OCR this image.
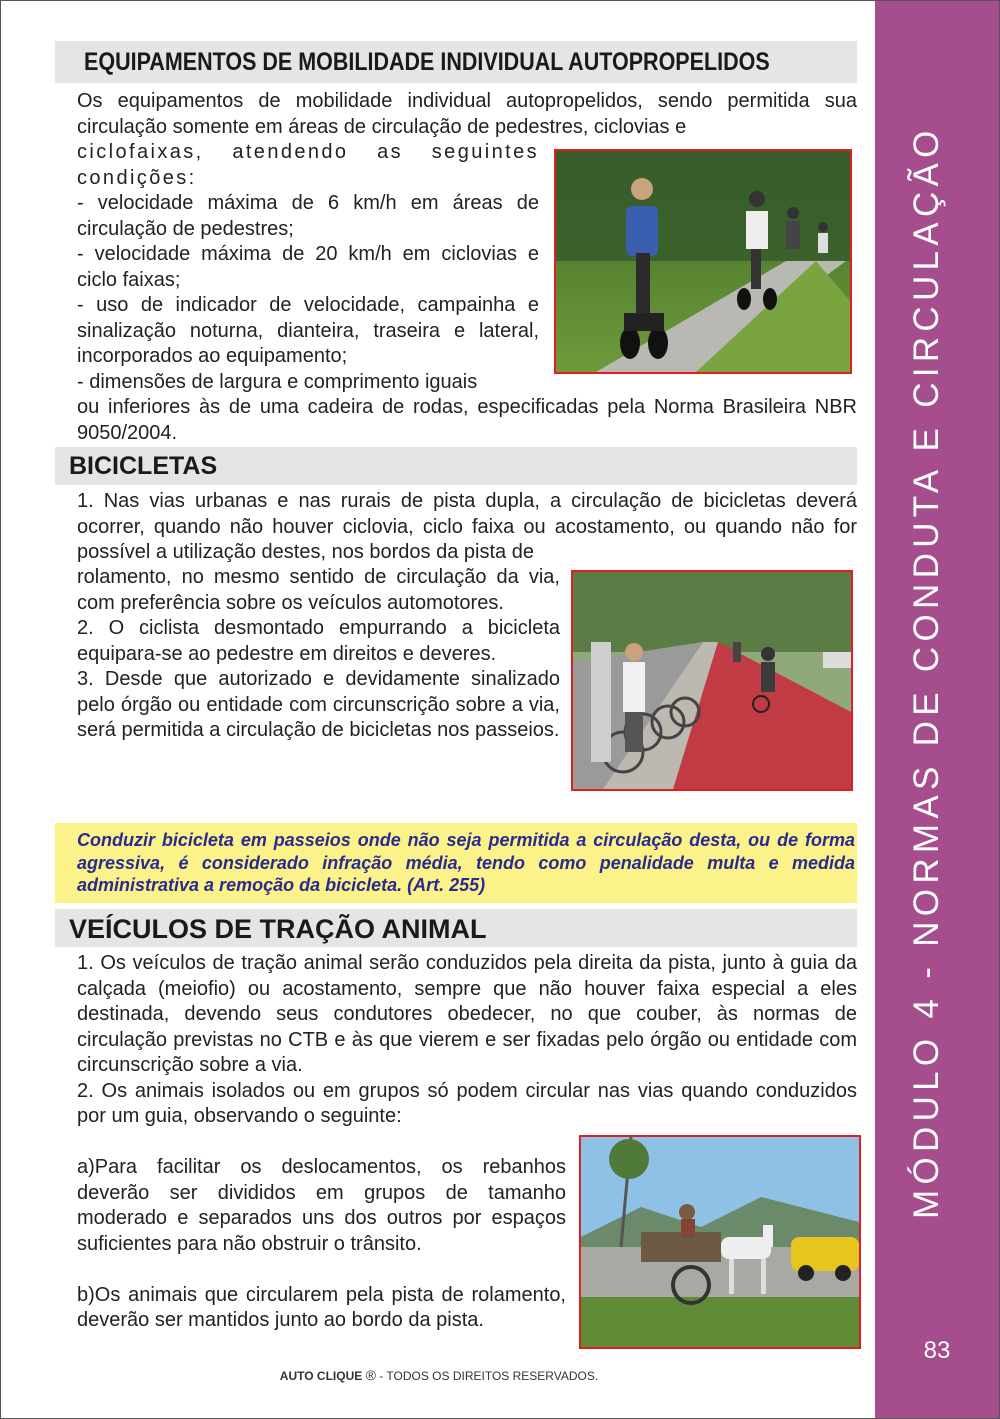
MÓDULO 4 - NORMAS DE CONDUTA E CIRCULAÇÃO
83
EQUIPAMENTOS DE MOBILIDADE INDIVIDUAL AUTOPROPELIDOS
Os equipamentos de mobilidade individual autopropelidos, sendo permitida sua circulação somente em áreas de circulação de pedestres, ciclovias e

ciclofaixas, atendendo as seguintes condições:

- velocidade máxima de 6 km/h em áreas de circulação de pedestres;

- velocidade máxima de 20 km/h em ciclovias e ciclo faixas;

- uso de indicador de velocidade, campainha e sinalização noturna, dianteira, traseira e lateral, incorporados ao equipamento;

- dimensões de largura e comprimento iguais

ou inferiores às de uma cadeira de rodas, especificadas pela Norma Brasileira NBR 9050/2004.
BICICLETAS
1. Nas vias urbanas e nas rurais de pista dupla, a circulação de bicicletas deverá ocorrer, quando não houver ciclovia, ciclo faixa ou acostamento, ou quando não for possível a utilização destes, nos bordos da pista de

rolamento, no mesmo sentido de circulação da via, com preferência sobre os veículos automotores.

2. O ciclista desmontado empurrando a bicicleta equipara-se ao pedestre em direitos e deveres.

3. Desde que autorizado e devidamente sinalizado pelo órgão ou entidade com circunscrição sobre a via, será permitida a circulação de bicicletas nos passeios.

Conduzir bicicleta em passeios onde não seja permitida a circulação desta, ou de forma agressiva, é considerado infração média, tendo como penalidade multa e medida administrativa a remoção da bicicleta. (Art. 255)
VEÍCULOS DE TRAÇÃO ANIMAL

1. Os veículos de tração animal serão conduzidos pela direita da pista, junto à guia da calçada (meiofio) ou acostamento, sempre que não houver faixa especial a eles destinada, devendo seus condutores obedecer, no que couber, às normas de circulação previstas no CTB e às que vierem e ser fixadas pelo órgão ou entidade com circunscrição sobre a via.

2. Os animais isolados ou em grupos só podem circular nas vias quando conduzidos por um guia, observando o seguinte:

a)Para facilitar os deslocamentos, os rebanhos deverão ser divididos em grupos de tamanho moderado e separados uns dos outros por espaços suficientes para não obstruir o trânsito.

b)Os animais que circularem pela pista de rolamento, deverão ser mantidos junto ao bordo da pista.

AUTO CLIQUE ® - TODOS OS DIREITOS RESERVADOS.
